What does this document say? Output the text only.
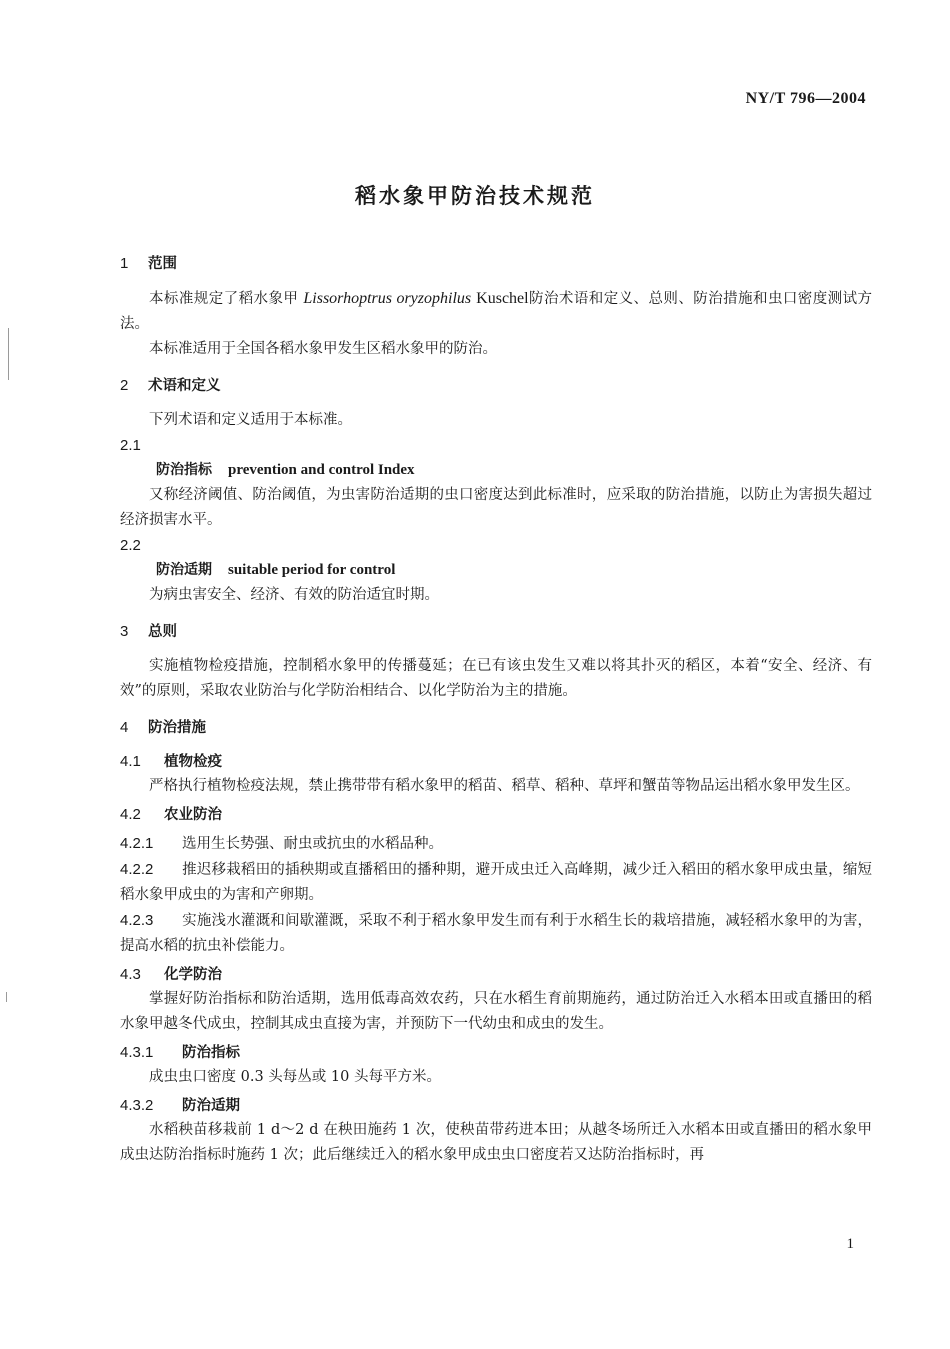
NY/T 796—2004
稻水象甲防治技术规范
1 范围

本标准规定了稻水象甲 Lissorhoptrus oryzophilus Kuschel防治术语和定义、总则、防治措施和虫口密度测试方法。

本标准适用于全国各稻水象甲发生区稻水象甲的防治。

2 术语和定义

下列术语和定义适用于本标准。

2.1
防治指标 prevention and control Index

又称经济阈值、防治阈值，为虫害防治适期的虫口密度达到此标准时，应采取的防治措施，以防止为害损失超过经济损害水平。

2.2
防治适期 suitable period for control

为病虫害安全、经济、有效的防治适宜时期。

3 总则

实施植物检疫措施，控制稻水象甲的传播蔓延；在已有该虫发生又难以将其扑灭的稻区，本着“安全、经济、有效”的原则，采取农业防治与化学防治相结合、以化学防治为主的措施。

4 防治措施
4.1 植物检疫

严格执行植物检疫法规，禁止携带带有稻水象甲的稻苗、稻草、稻种、草坪和蟹苗等物品运出稻水象甲发生区。

4.2 农业防治

4.2.1 选用生长势强、耐虫或抗虫的水稻品种。

4.2.2 推迟移栽稻田的插秧期或直播稻田的播种期，避开成虫迁入高峰期，减少迁入稻田的稻水象甲成虫量，缩短稻水象甲成虫的为害和产卵期。

4.2.3 实施浅水灌溉和间歇灌溉，采取不利于稻水象甲发生而有利于水稻生长的栽培措施，减轻稻水象甲的为害，提高水稻的抗虫补偿能力。

4.3 化学防治

掌握好防治指标和防治适期，选用低毒高效农药，只在水稻生育前期施药，通过防治迁入水稻本田或直播田的稻水象甲越冬代成虫，控制其成虫直接为害，并预防下一代幼虫和成虫的发生。

4.3.1 防治指标

成虫虫口密度 0.3 头每丛或 10 头每平方米。

4.3.2 防治适期

水稻秧苗移栽前 1 d～2 d 在秧田施药 1 次，使秧苗带药进本田；从越冬场所迁入水稻本田或直播田的稻水象甲成虫达防治指标时施药 1 次；此后继续迁入的稻水象甲成虫虫口密度若又达防治指标时，再

1
